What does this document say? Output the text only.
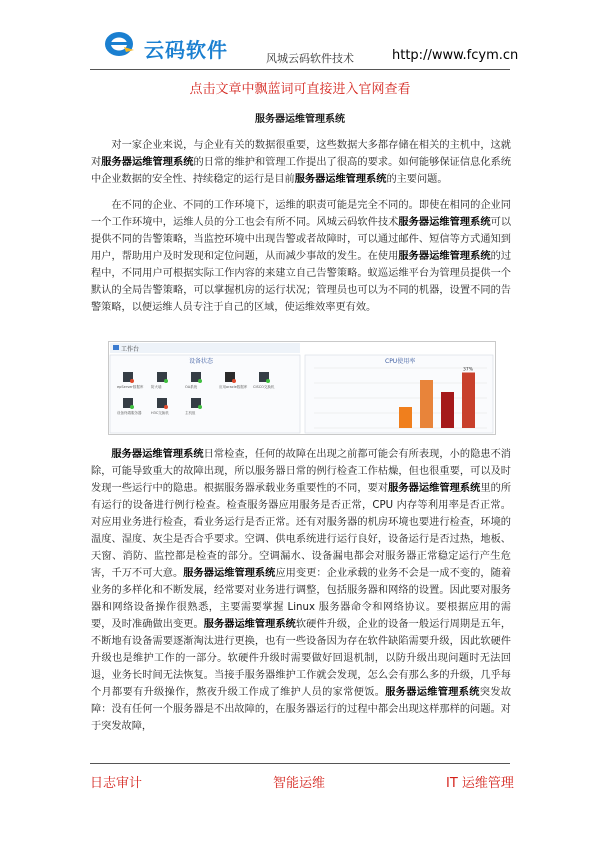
云码软件	风城云码软件技术	http://www.fcym.cn
点击文章中飘蓝词可直接进入官网查看
服务器运维管理系统
对一家企业来说，与企业有关的数据很重要，这些数据大多都存储在相关的主机中，这就对服务器运维管理系统的日常的维护和管理工作提出了很高的要求。如何能够保证信息化系统中企业数据的安全性、持续稳定的运行是目前服务器运维管理系统的主要问题。
在不同的企业、不同的工作环境下，运维的职责可能是完全不同的。即使在相同的企业同一个工作环境中，运维人员的分工也会有所不同。风城云码软件技术服务器运维管理系统可以提供不同的告警策略，当监控环境中出现告警或者故障时，可以通过邮件、短信等方式通知到用户，帮助用户及时发现和定位问题，从而减少事故的发生。在使用服务器运维管理系统的过程中，不同用户可根据实际工作内容的来建立自己告警策略。蚁巡运维平台为管理员提供一个默认的全局告警策略，可以掌握机房的运行状况；管理员也可以为不同的机器，设置不同的告警策略，以便运维人员专注于自己的区域，使运维效率更有效。
工作台
设备状态
epServer数据库 防火墙	OA系统	应用oracle数据库 CISCO交换机
设备终端服务器	H3C交换机	主机组
CPU使用率
37%
服务器运维管理系统日常检查，任何的故障在出现之前都可能会有所表现，小的隐患不消除，可能导致重大的故障出现，所以服务器日常的例行检查工作枯燥，但也很重要，可以及时发现一些运行中的隐患。根据服务器承载业务重要性的不同，要对服务器运维管理系统里的所有运行的设备进行例行检查。检查服务器应用服务是否正常，CPU 内存等利用率是否正常。对应用业务进行检查，看业务运行是否正常。还有对服务器的机房环境也要进行检查，环境的温度、湿度、灰尘是否合乎要求。空调、供电系统进行运行良好，设备运行是否过热，地板、天窗、消防、监控都是检查的部分。空调漏水、设备漏电都会对服务器正常稳定运行产生危害，千万不可大意。服务器运维管理系统应用变更：企业承载的业务不会是一成不变的，随着业务的多样化和不断发展，经常要对业务进行调整，包括服务器和网络的设置。因此要对服务器和网络设备操作很熟悉，主要需要掌握 Linux 服务器命令和网络协议。要根据应用的需要，及时准确做出变更。服务器运维管理系统软硬件升级，企业的设备一般运行周期是五年，不断地有设备需要逐渐淘汰进行更换，也有一些设备因为存在软件缺陷需要升级，因此软硬件升级也是维护工作的一部分。软硬件升级时需要做好回退机制，以防升级出现问题时无法回退，业务长时间无法恢复。当接手服务器维护工作就会发现，怎么会有那么多的升级，几乎每个月都要有升级操作，熬夜升级工作成了维护人员的家常便饭。服务器运维管理系统突发故障：没有任何一个服务器是不出故障的，在服务器运行的过程中都会出现这样那样的问题。对于突发故障，
日志审计	智能运维	IT 运维管理
